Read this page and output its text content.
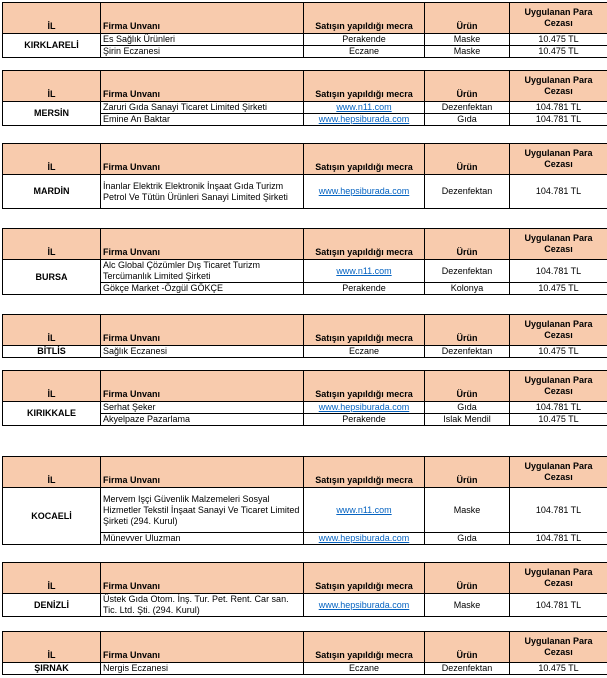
İL	Firma Unvanı	Satışın yapıldığı mecra	Ürün	Uygulanan Para Cezası
KIRKLARELİ	Es Sağlık Ürünleri	Perakende	Maske	10.475 TL
	Şirin Eczanesi	Eczane	Maske	10.475 TL
İL	Firma Unvanı	Satışın yapıldığı mecra	Ürün	Uygulanan Para Cezası
MERSİN	Zaruri Gıda Sanayi Ticaret Limited Şirketi	www.n11.com	Dezenfektan	104.781 TL
	Emine An Baktar	www.hepsiburada.com	Gıda	104.781 TL
İL	Firma Unvanı	Satışın yapıldığı mecra	Ürün	Uygulanan Para Cezası
MARDİN	İnanlar Elektrik Elektronik İnşaat Gıda Turizm Petrol Ve Tütün Ürünleri Sanayi Limited Şirketi	www.hepsiburada.com	Dezenfektan	104.781 TL
İL	Firma Unvanı	Satışın yapıldığı mecra	Ürün	Uygulanan Para Cezası
BURSA	Alc Global Çözümler Dış Ticaret Turizm Tercümanlık Limited Şirketi	www.n11.com	Dezenfektan	104.781 TL
	Gökçe Market -Özgül GÖKÇE	Perakende	Kolonya	10.475 TL
İL	Firma Unvanı	Satışın yapıldığı mecra	Ürün	Uygulanan Para Cezası
BİTLİS	Sağlık Eczanesi	Eczane	Dezenfektan	10.475 TL
İL	Firma Unvanı	Satışın yapıldığı mecra	Ürün	Uygulanan Para Cezası
KIRIKKALE	Serhat Şeker	www.hepsiburada.com	Gıda	104.781 TL
	Akyelpaze Pazarlama	Perakende	Islak Mendil	10.475 TL
İL	Firma Unvanı	Satışın yapıldığı mecra	Ürün	Uygulanan Para Cezası
KOCAELİ	Mervem Işçi Güvenlik Malzemeleri Sosyal Hizmetler Tekstil İnşaat Sanayi Ve Ticaret Limited Şirketi (294. Kurul)	www.n11.com	Maske	104.781 TL
	Münevver Uluzman	www.hepsiburada.com	Gıda	104.781 TL
İL	Firma Unvanı	Satışın yapıldığı mecra	Ürün	Uygulanan Para Cezası
DENİZLİ	Üstek Gıda Otom. İnş. Tur. Pet. Rent. Car san. Tic. Ltd. Şti. (294. Kurul)	www.hepsiburada.com	Maske	104.781 TL
İL	Firma Unvanı	Satışın yapıldığı mecra	Ürün	Uygulanan Para Cezası
ŞIRNAK	Nergis Eczanesi	Eczane	Dezenfektan	10.475 TL
